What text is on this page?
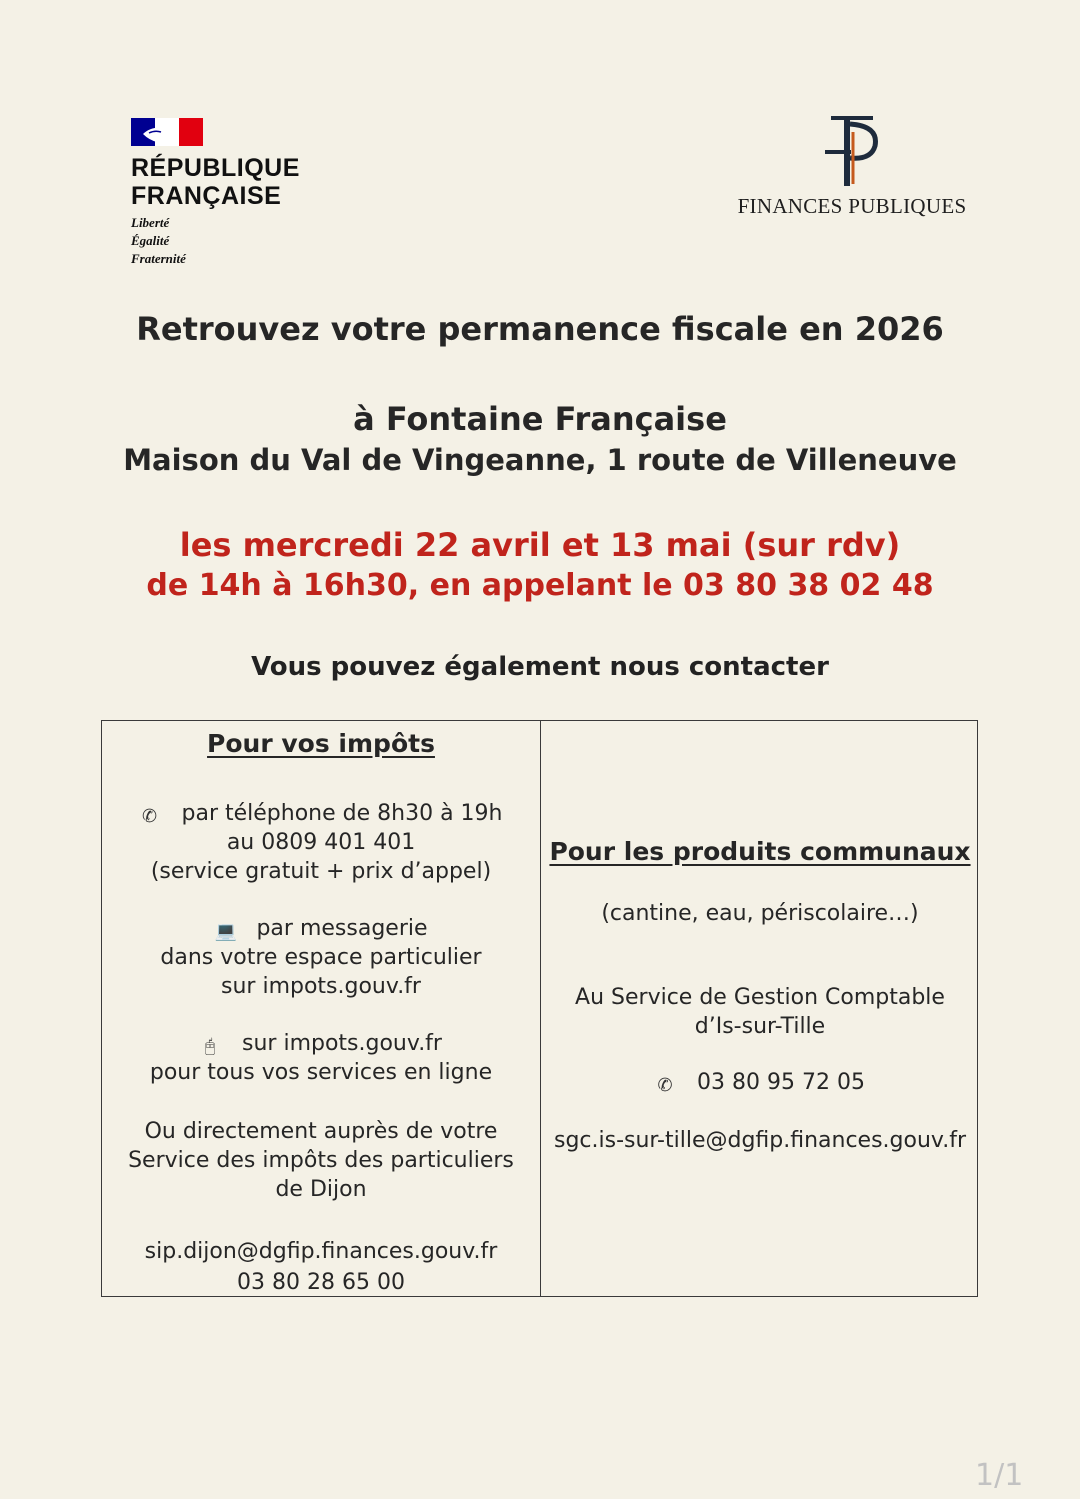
RÉPUBLIQUE
FRANÇAISE
Liberté
Égalité
Fraternité
FINANCES PUBLIQUES
Retrouvez votre permanence fiscale en 2026
à Fontaine Française
Maison du Val de Vingeanne, 1 route de Villeneuve
les mercredi 22 avril et 13 mai (sur rdv)
de 14h à 16h30, en appelant le 03 80 38 02 48
Vous pouvez également nous contacter
Pour vos impôts
✆ par téléphone de 8h30 à 19h
au 0809 401 401
(service gratuit + prix d’appel)
💻 par messagerie
dans votre espace particulier
sur impots.gouv.fr
🖰 sur impots.gouv.fr
pour tous vos services en ligne
Ou directement auprès de votre
Service des impôts des particuliers
de Dijon
sip.dijon@dgfip.finances.gouv.fr
03 80 28 65 00
Pour les produits communaux
(cantine, eau, périscolaire…)
Au Service de Gestion Comptable
d’Is-sur-Tille
✆ 03 80 95 72 05
sgc.is-sur-tille@dgfip.finances.gouv.fr
1/1
